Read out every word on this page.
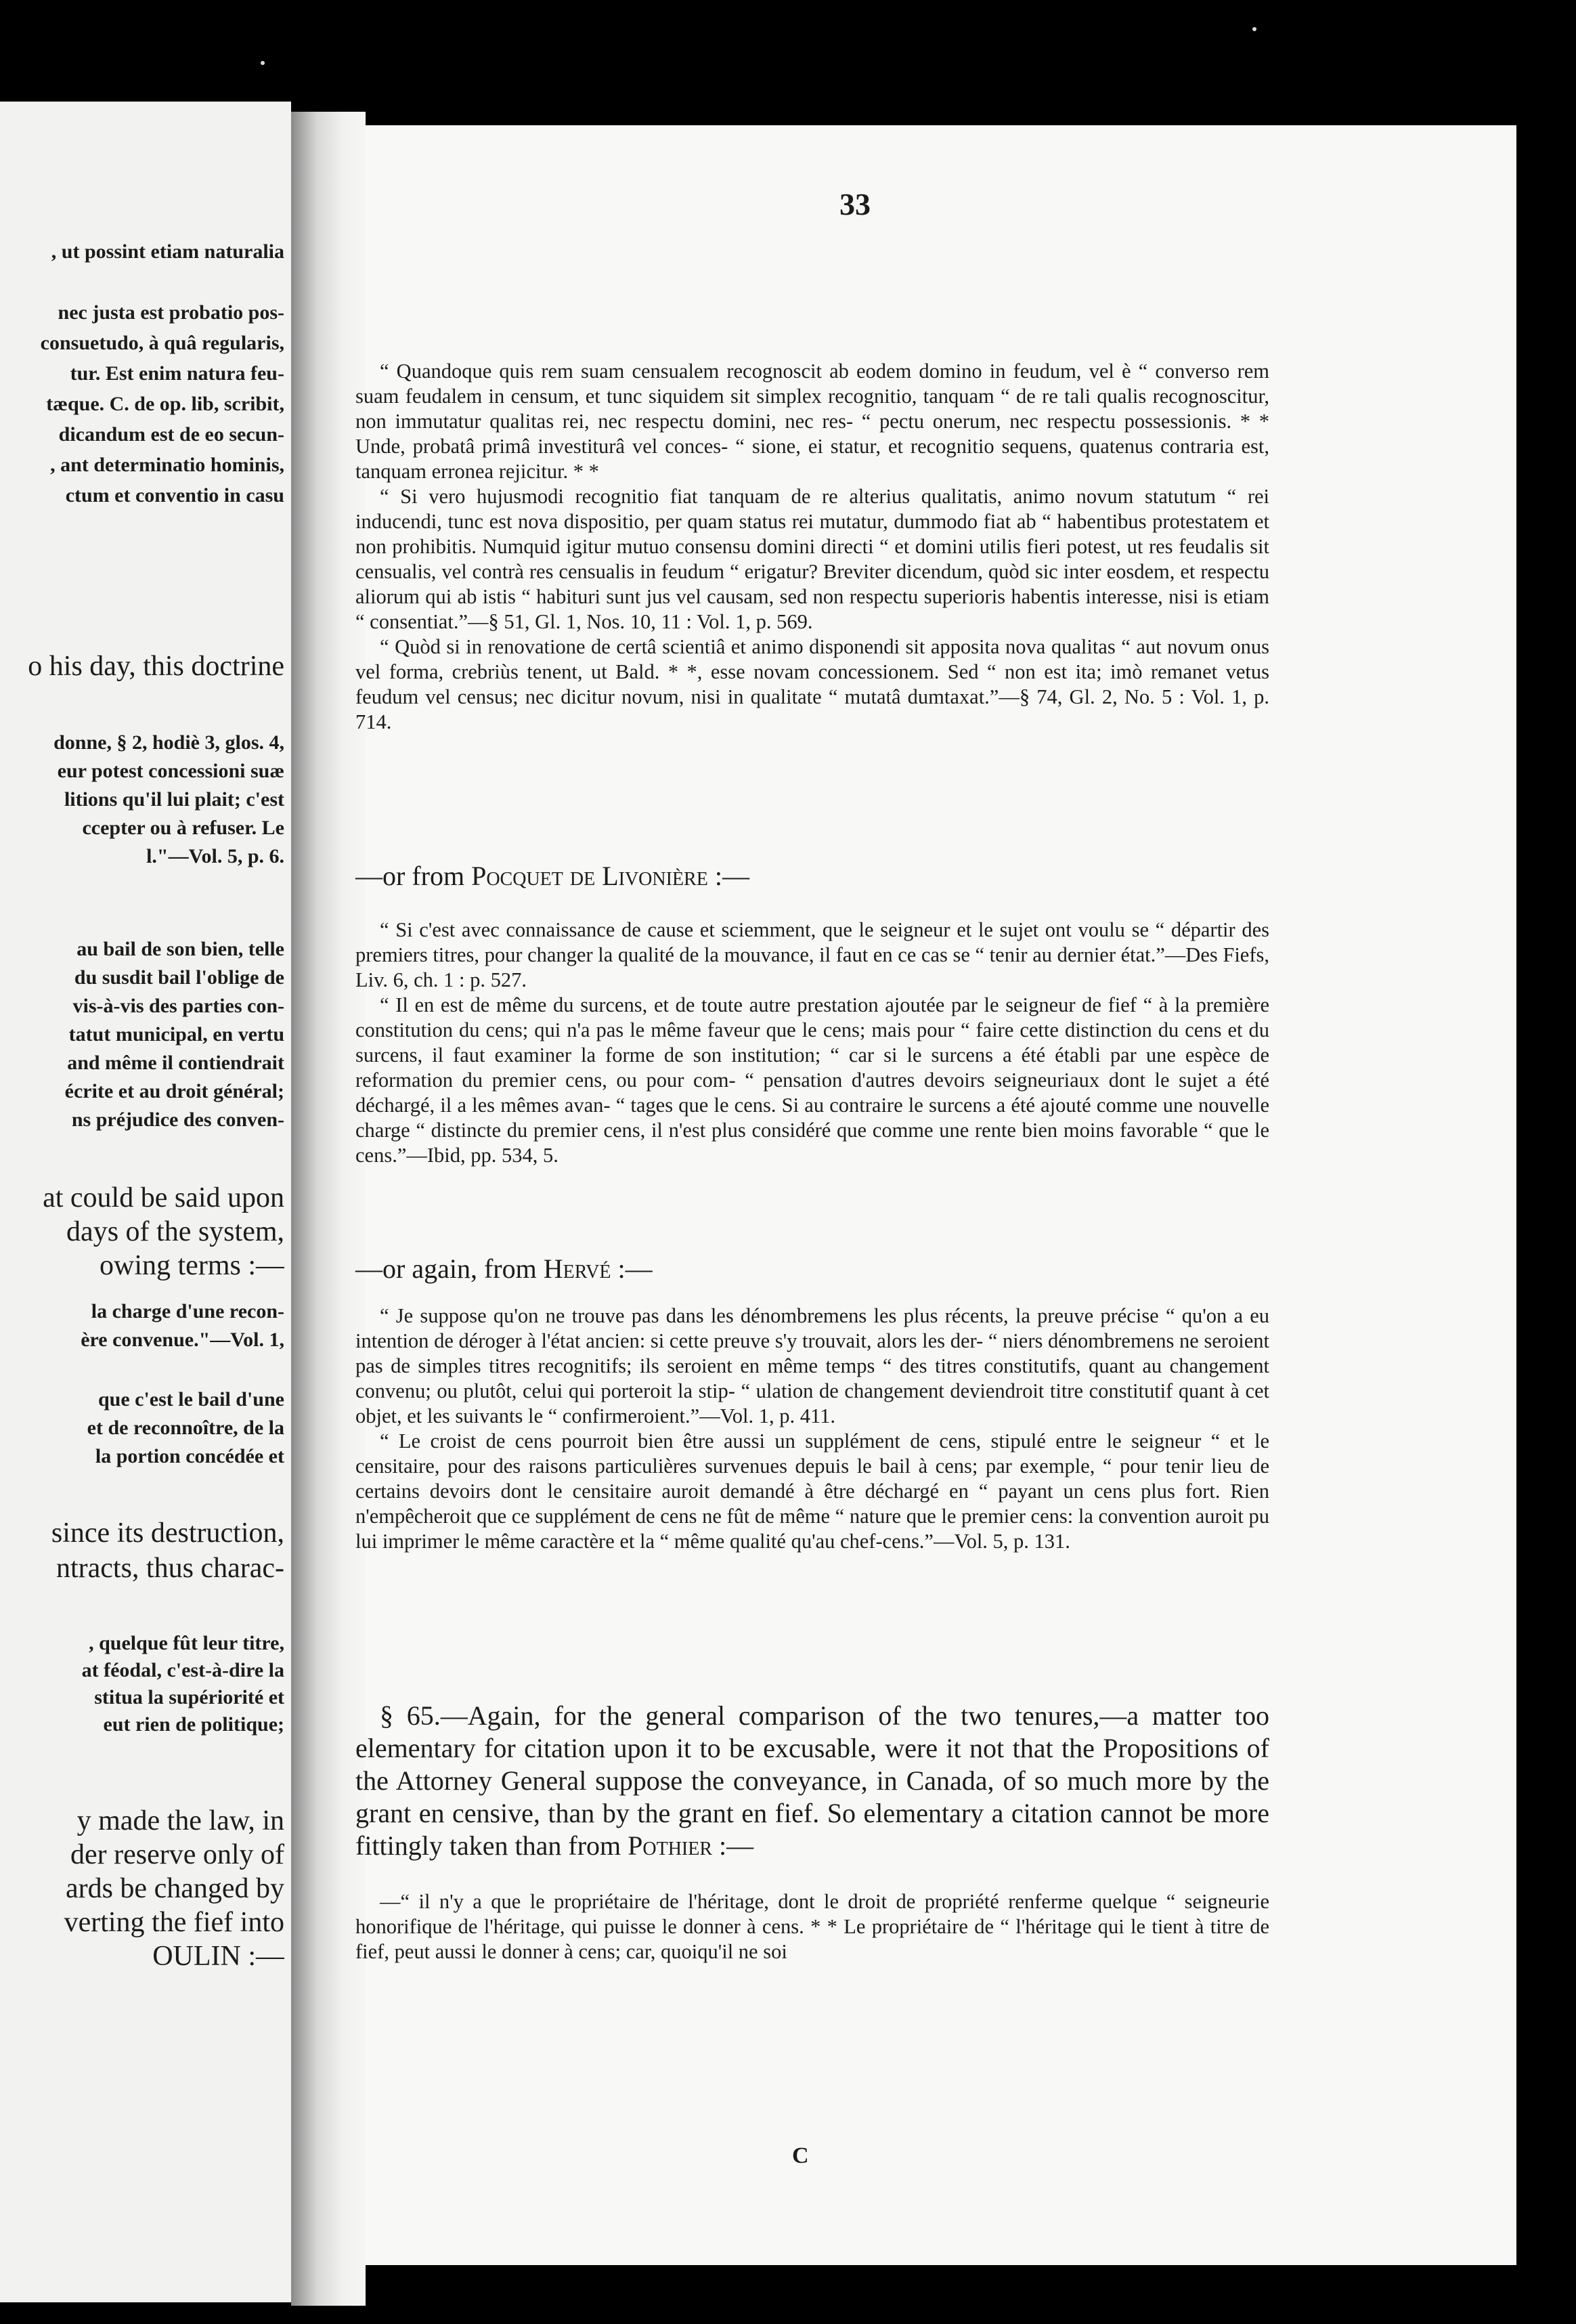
, ut possint etiam naturalia
nec justa est probatio pos-
consuetudo, à quâ regularis,
tur. Est enim natura feu-
tæque. C. de op. lib, scribit,
dicandum est de eo secun-
, ant determinatio hominis,
ctum et conventio in casu
o his day, this doctrine
donne, § 2, hodiè 3, glos. 4,
eur potest concessioni suæ
litions qu'il lui plait; c'est
ccepter ou à refuser. Le
l."—Vol. 5, p. 6.
au bail de son bien, telle
du susdit bail l'oblige de
vis-à-vis des parties con-
tatut municipal, en vertu
and même il contiendrait
écrite et au droit général;
ns préjudice des conven-
at could be said upon
days of the system,
owing terms :—
la charge d'une recon-
ère convenue."—Vol. 1,
que c'est le bail d'une
et de reconnoître, de la
la portion concédée et
since its destruction,
ntracts, thus charac-
, quelque fût leur titre,
at féodal, c'est-à-dire la
stitua la supériorité et
eut rien de politique;
y made the law, in
der reserve only of
ards be changed by
verting the fief into
OULIN :—
33

“ Quandoque quis rem suam censualem recognoscit ab eodem domino in feudum, vel è “ converso rem suam feudalem in censum, et tunc siquidem sit simplex recognitio, tanquam “ de re tali qualis recognoscitur, non immutatur qualitas rei, nec respectu domini, nec res- “ pectu onerum, nec respectu possessionis. * * Unde, probatâ primâ investiturâ vel conces- “ sione, ei statur, et recognitio sequens, quatenus contraria est, tanquam erronea rejicitur. * *

“ Si vero hujusmodi recognitio fiat tanquam de re alterius qualitatis, animo novum statutum “ rei inducendi, tunc est nova dispositio, per quam status rei mutatur, dummodo fiat ab “ habentibus protestatem et non prohibitis. Numquid igitur mutuo consensu domini directi “ et domini utilis fieri potest, ut res feudalis sit censualis, vel contrà res censualis in feudum “ erigatur? Breviter dicendum, quòd sic inter eosdem, et respectu aliorum qui ab istis “ habituri sunt jus vel causam, sed non respectu superioris habentis interesse, nisi is etiam “ consentiat.”—§ 51, Gl. 1, Nos. 10, 11 : Vol. 1, p. 569.

“ Quòd si in renovatione de certâ scientiâ et animo disponendi sit apposita nova qualitas “ aut novum onus vel forma, crebriùs tenent, ut Bald. * *, esse novam concessionem. Sed “ non est ita; imò remanet vetus feudum vel census; nec dicitur novum, nisi in qualitate “ mutatâ dumtaxat.”—§ 74, Gl. 2, No. 5 : Vol. 1, p. 714.

—or from Pocquet de Livonière :—

“ Si c'est avec connaissance de cause et sciemment, que le seigneur et le sujet ont voulu se “ départir des premiers titres, pour changer la qualité de la mouvance, il faut en ce cas se “ tenir au dernier état.”—Des Fiefs, Liv. 6, ch. 1 : p. 527.

“ Il en est de même du surcens, et de toute autre prestation ajoutée par le seigneur de fief “ à la première constitution du cens; qui n'a pas le même faveur que le cens; mais pour “ faire cette distinction du cens et du surcens, il faut examiner la forme de son institution; “ car si le surcens a été établi par une espèce de reformation du premier cens, ou pour com- “ pensation d'autres devoirs seigneuriaux dont le sujet a été déchargé, il a les mêmes avan- “ tages que le cens. Si au contraire le surcens a été ajouté comme une nouvelle charge “ distincte du premier cens, il n'est plus considéré que comme une rente bien moins favorable “ que le cens.”—Ibid, pp. 534, 5.

—or again, from Hervé :—

“ Je suppose qu'on ne trouve pas dans les dénombremens les plus récents, la preuve précise “ qu'on a eu intention de déroger à l'état ancien: si cette preuve s'y trouvait, alors les der- “ niers dénombremens ne seroient pas de simples titres recognitifs; ils seroient en même temps “ des titres constitutifs, quant au changement convenu; ou plutôt, celui qui porteroit la stip- “ ulation de changement deviendroit titre constitutif quant à cet objet, et les suivants le “ confirmeroient.”—Vol. 1, p. 411.

“ Le croist de cens pourroit bien être aussi un supplément de cens, stipulé entre le seigneur “ et le censitaire, pour des raisons particulières survenues depuis le bail à cens; par exemple, “ pour tenir lieu de certains devoirs dont le censitaire auroit demandé à être déchargé en “ payant un cens plus fort. Rien n'empêcheroit que ce supplément de cens ne fût de même “ nature que le premier cens: la convention auroit pu lui imprimer le même caractère et la “ même qualité qu'au chef-cens.”—Vol. 5, p. 131.

§ 65.—Again, for the general comparison of the two tenures,—a matter too elementary for citation upon it to be excusable, were it not that the Propositions of the Attorney General suppose the conveyance, in Canada, of so much more by the grant en censive, than by the grant en fief. So elementary a citation cannot be more fittingly taken than from Pothier :—

—“ il n'y a que le propriétaire de l'héritage, dont le droit de propriété renferme quelque “ seigneurie honorifique de l'héritage, qui puisse le donner à cens. * * Le propriétaire de “ l'héritage qui le tient à titre de fief, peut aussi le donner à cens; car, quoiqu'il ne soi

C
